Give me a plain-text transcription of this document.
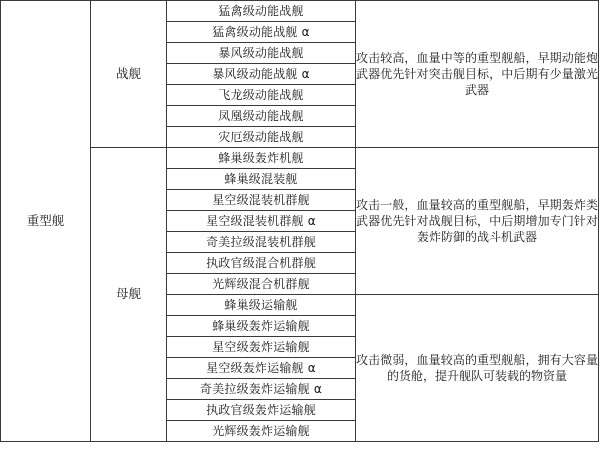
重型舰	战舰	猛禽级动能战舰	攻击较高，血量中等的重型舰船，早期动能炮武器优先针对突击舰目标，中后期有少量激光武器
		猛禽级动能战舰 α	
		暴风级动能战舰	
		暴风级动能战舰 α	
		飞龙级动能战舰	
		凤凰级动能战舰	
		灾厄级动能战舰	
	母舰	蜂巢级轰炸机舰	攻击一般，血量较高的重型舰船，早期轰炸类武器优先针对战舰目标，中后期增加专门针对轰炸防御的战斗机武器
		蜂巢级混装舰	
		星空级混装机群舰	
		星空级混装机群舰 α	
		奇美拉级混装机群舰	
		执政官级混合机群舰	
		光辉级混合机群舰	
		蜂巢级运输舰	攻击微弱，血量较高的重型舰船，拥有大容量的货舱，提升舰队可装载的物资量
		蜂巢级轰炸运输舰	
		星空级轰炸运输舰	
		星空级轰炸运输舰 α	
		奇美拉级轰炸运输舰 α	
		执政官级轰炸运输舰	
		光辉级轰炸运输舰	
